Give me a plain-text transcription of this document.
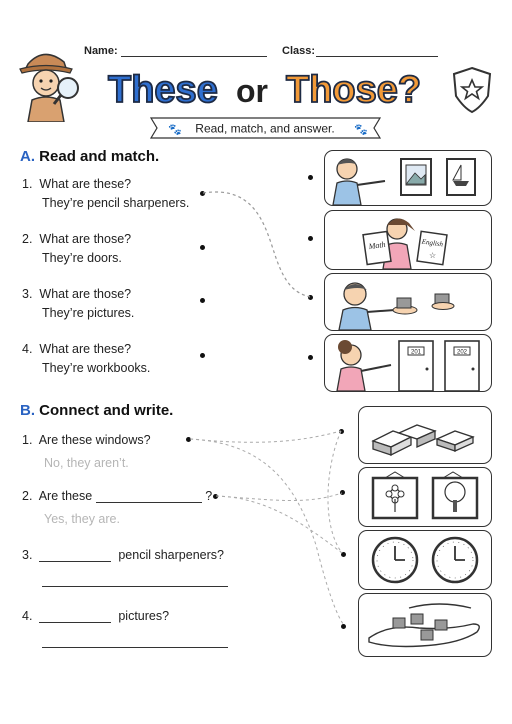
Name:	Class:
These or Those?
🐾 Read, match, and answer. 🐾
A. Read and match.
1. What are these?
They’re pencil sharpeners.
2. What are those?
They’re doors.
3. What are those?
They’re pictures.
4. What are these?
They’re workbooks.
Math	English
☆
201	202
B. Connect and write.
1. Are these windows?
No, they aren’t.
2. Are these	?
Yes, they are.
3.	pencil sharpeners?
4.	pictures?
